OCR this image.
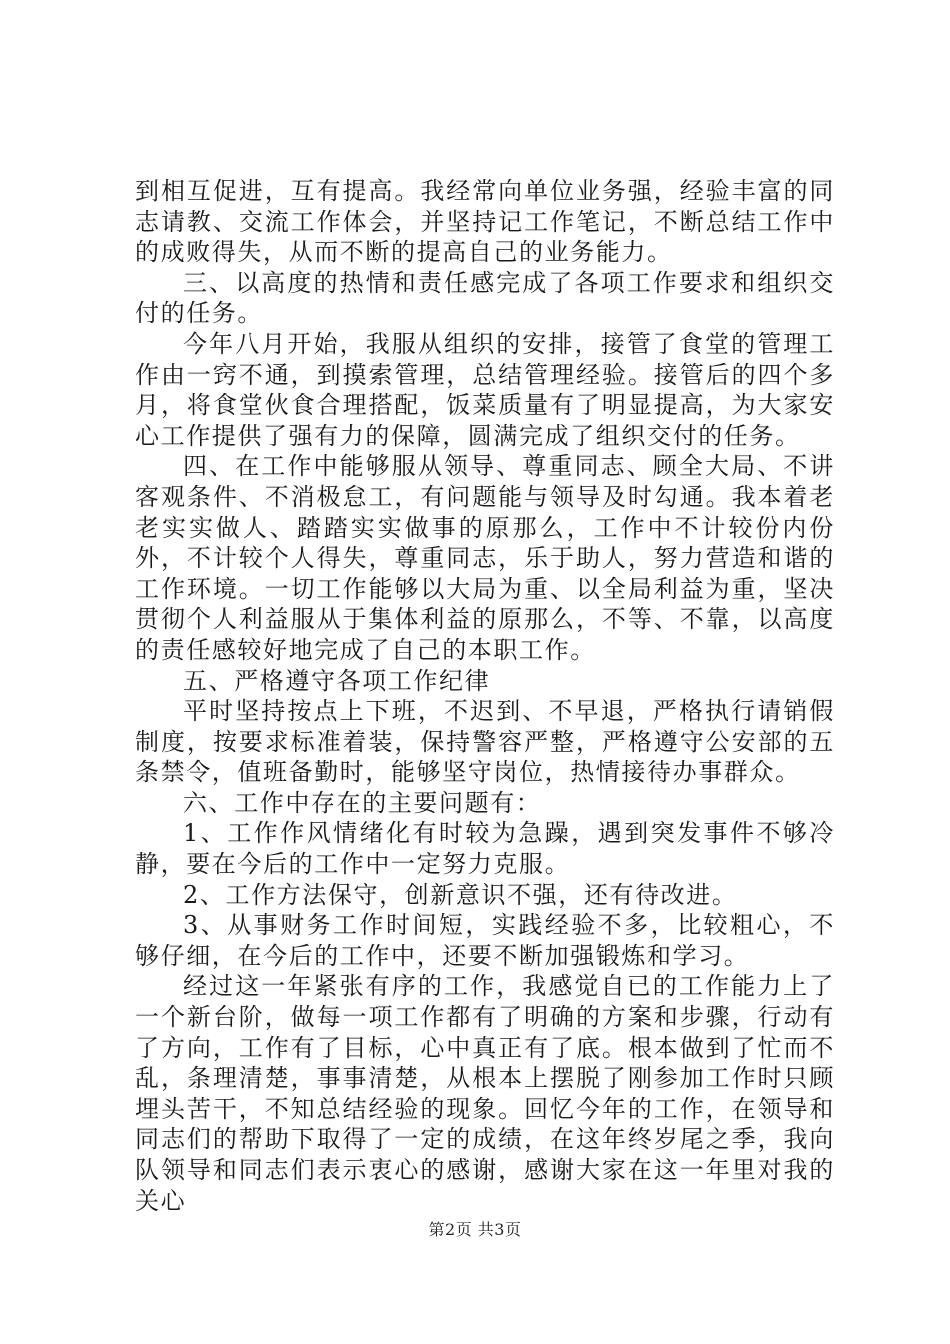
到相互促进，互有提高。我经常向单位业务强，经验丰富的同志请教、交流工作体会，并坚持记工作笔记，不断总结工作中的成败得失，从而不断的提高自己的业务能力。

三、以高度的热情和责任感完成了各项工作要求和组织交付的任务。

今年八月开始，我服从组织的安排，接管了食堂的管理工作由一窍不通，到摸索管理，总结管理经验。接管后的四个多月，将食堂伙食合理搭配，饭菜质量有了明显提高，为大家安心工作提供了强有力的保障，圆满完成了组织交付的任务。

四、在工作中能够服从领导、尊重同志、顾全大局、不讲客观条件、不消极怠工，有问题能与领导及时勾通。我本着老老实实做人、踏踏实实做事的原那么，工作中不计较份内份外，不计较个人得失，尊重同志，乐于助人，努力营造和谐的工作环境。一切工作能够以大局为重、以全局利益为重，坚决贯彻个人利益服从于集体利益的原那么，不等、不靠，以高度的责任感较好地完成了自己的本职工作。

五、严格遵守各项工作纪律

平时坚持按点上下班，不迟到、不早退，严格执行请销假制度，按要求标准着装，保持警容严整，严格遵守公安部的五条禁令，值班备勤时，能够坚守岗位，热情接待办事群众。

六、工作中存在的主要问题有：

1、工作作风情绪化有时较为急躁，遇到突发事件不够冷静，要在今后的工作中一定努力克服。

2、工作方法保守，创新意识不强，还有待改进。

3、从事财务工作时间短，实践经验不多，比较粗心，不够仔细，在今后的工作中，还要不断加强锻炼和学习。

经过这一年紧张有序的工作，我感觉自已的工作能力上了一个新台阶，做每一项工作都有了明确的方案和步骤，行动有了方向，工作有了目标，心中真正有了底。根本做到了忙而不乱，条理清楚，事事清楚，从根本上摆脱了刚参加工作时只顾埋头苦干，不知总结经验的现象。回忆今年的工作，在领导和同志们的帮助下取得了一定的成绩，在这年终岁尾之季，我向队领导和同志们表示衷心的感谢，感谢大家在这一年里对我的关心

第2页 共3页
